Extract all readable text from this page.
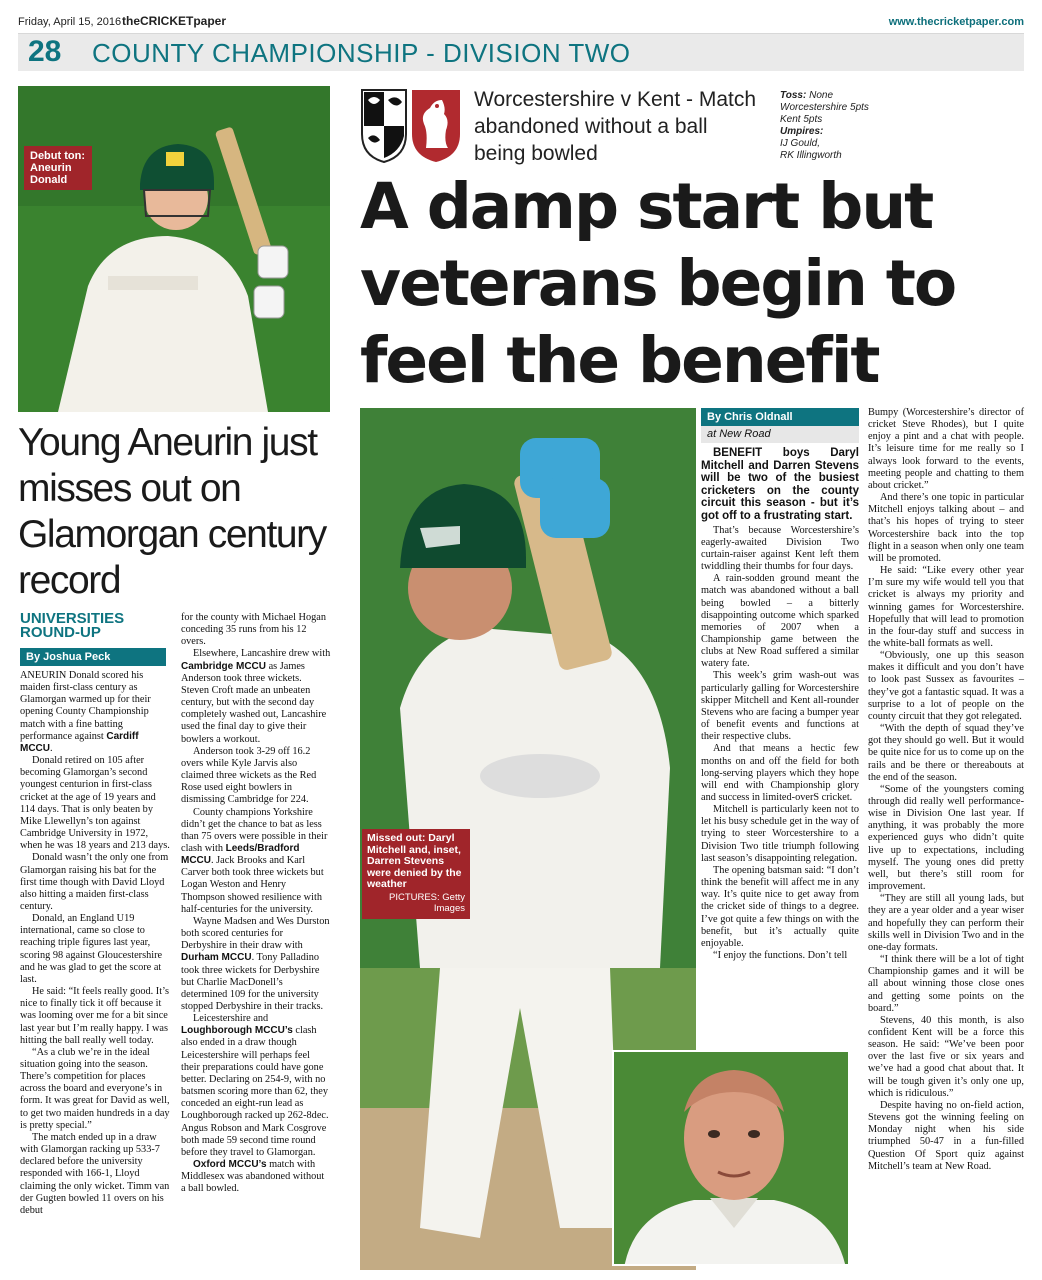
Friday, April 15, 2016 theCRICKETpaper	www.thecricketpaper.com
28 COUNTY CHAMPIONSHIP - DIVISION TWO
Debut ton: Aneurin Donald
Young Aneurin just misses out on Glamorgan century record
UNIVERSITIES ROUND-UP
By Joshua Peck

ANEURIN Donald scored his maiden first-class century as Glamorgan warmed up for their opening County Championship match with a fine batting performance against Cardiff MCCU.

Donald retired on 105 after becoming Glamorgan’s second youngest centurion in first-class cricket at the age of 19 years and 114 days. That is only beaten by Mike Llewellyn’s ton against Cambridge University in 1972, when he was 18 years and 213 days.

Donald wasn’t the only one from Glamorgan raising his bat for the first time though with David Lloyd also hitting a maiden first-class century.

Donald, an England U19 international, came so close to reaching triple figures last year, scoring 98 against Gloucestershire and he was glad to get the score at last.

He said: “It feels really good. It’s nice to finally tick it off because it was looming over me for a bit since last year but I’m really happy. I was hitting the ball really well today.

“As a club we’re in the ideal situation going into the season. There’s competition for places across the board and everyone’s in form. It was great for David as well, to get two maiden hundreds in a day is pretty special.”

The match ended up in a draw with Glamorgan racking up 533-7 declared before the university responded with 166-1, Lloyd claiming the only wicket. Timm van der Gugten bowled 11 overs on his debut

for the county with Michael Hogan conceding 35 runs from his 12 overs.

Elsewhere, Lancashire drew with Cambridge MCCU as James Anderson took three wickets. Steven Croft made an unbeaten century, but with the second day completely washed out, Lancashire used the final day to give their bowlers a workout.

Anderson took 3-29 off 16.2 overs while Kyle Jarvis also claimed three wickets as the Red Rose used eight bowlers in dismissing Cambridge for 224.

County champions Yorkshire didn’t get the chance to bat as less than 75 overs were possible in their clash with Leeds/Bradford MCCU. Jack Brooks and Karl Carver both took three wickets but Logan Weston and Henry Thompson showed resilience with half-centuries for the university.

Wayne Madsen and Wes Durston both scored centuries for Derbyshire in their draw with Durham MCCU. Tony Palladino took three wickets for Derbyshire but Charlie MacDonell’s determined 109 for the university stopped Derbyshire in their tracks.

Leicestershire and Loughborough MCCU’s clash also ended in a draw though Leicestershire will perhaps feel their preparations could have gone better. Declaring on 254-9, with no batsmen scoring more than 62, they conceded an eight-run lead as Loughborough racked up 262-8dec. Angus Robson and Mark Cosgrove both made 59 second time round before they travel to Glamorgan.

Oxford MCCU’s match with Middlesex was abandoned without a ball bowled.

Worcestershire v Kent - Match abandoned without a ball being bowled
Toss: None
Worcestershire 5pts
Kent 5pts
Umpires:
IJ Gould,
RK Illingworth
A damp start but veterans begin to feel the benefit
Missed out: Daryl Mitchell and, inset, Darren Stevens were denied by the weather
PICTURES: Getty Images
By Chris Oldnall
at New Road

BENEFIT boys Daryl Mitchell and Darren Stevens will be two of the busiest cricketers on the county circuit this season - but it’s got off to a frustrating start.

That’s because Worcestershire’s eagerly-awaited Division Two curtain-raiser against Kent left them twiddling their thumbs for four days.

A rain-sodden ground meant the match was abandoned without a ball being bowled – a bitterly disappointing outcome which sparked memories of 2007 when a Championship game between the clubs at New Road suffered a similar watery fate.

This week’s grim wash-out was particularly galling for Worcestershire skipper Mitchell and Kent all-rounder Stevens who are facing a bumper year of benefit events and functions at their respective clubs.

And that means a hectic few months on and off the field for both long-serving players which they hope will end with Championship glory and success in limited-overS cricket.

Mitchell is particularly keen not to let his busy schedule get in the way of trying to steer Worcestershire to a Division Two title triumph following last season’s disappointing relegation.

The opening batsman said: “I don’t think the benefit will affect me in any way. It’s quite nice to get away from the cricket side of things to a degree. I’ve got quite a few things on with the benefit, but it’s actually quite enjoyable.

“I enjoy the functions. Don’t tell

Bumpy (Worcestershire’s director of cricket Steve Rhodes), but I quite enjoy a pint and a chat with people. It’s leisure time for me really so I always look forward to the events, meeting people and chatting to them about cricket.”

And there’s one topic in particular Mitchell enjoys talking about – and that’s his hopes of trying to steer Worcestershire back into the top flight in a season when only one team will be promoted.

He said: “Like every other year I’m sure my wife would tell you that cricket is always my priority and winning games for Worcestershire. Hopefully that will lead to promotion in the four-day stuff and success in the white-ball formats as well.

“Obviously, one up this season makes it difficult and you don’t have to look past Sussex as favourites – they’ve got a fantastic squad. It was a surprise to a lot of people on the county circuit that they got relegated.

“With the depth of squad they’ve got they should go well. But it would be quite nice for us to come up on the rails and be there or thereabouts at the end of the season.

“Some of the youngsters coming through did really well performance-wise in Division One last year. If anything, it was probably the more experienced guys who didn’t quite live up to expectations, including myself. The young ones did pretty well, but there’s still room for improvement.

“They are still all young lads, but they are a year older and a year wiser and hopefully they can perform their skills well in Division Two and in the one-day formats.

“I think there will be a lot of tight Championship games and it will be all about winning those close ones and getting some points on the board.”

Stevens, 40 this month, is also confident Kent will be a force this season. He said: “We’ve been poor over the last five or six years and we’ve had a good chat about that. It will be tough given it’s only one up, which is ridiculous.”

Despite having no on-field action, Stevens got the winning feeling on Monday night when his side triumphed 50-47 in a fun-filled Question Of Sport quiz against Mitchell’s team at New Road.
